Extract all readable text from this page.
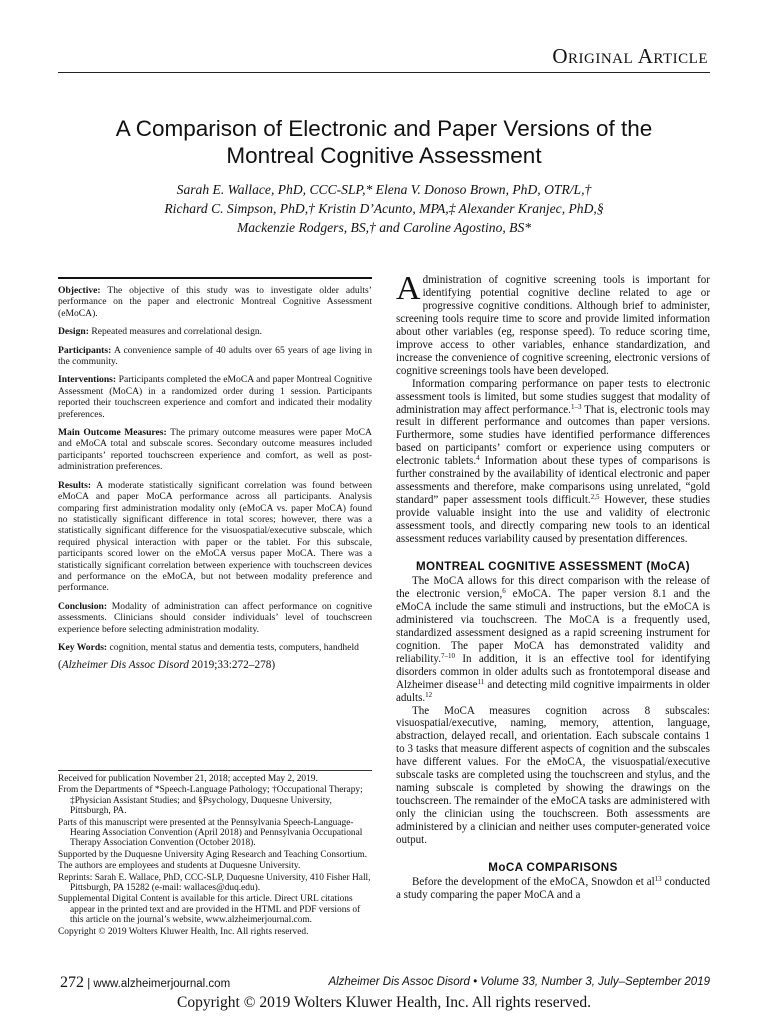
Original Article
A Comparison of Electronic and Paper Versions of the
Montreal Cognitive Assessment
Sarah E. Wallace, PhD, CCC-SLP,* Elena V. Donoso Brown, PhD, OTR/L,†
Richard C. Simpson, PhD,† Kristin D’Acunto, MPA,‡ Alexander Kranjec, PhD,§
Mackenzie Rodgers, BS,† and Caroline Agostino, BS*

Objective: The objective of this study was to investigate older adults’ performance on the paper and electronic Montreal Cognitive Assessment (eMoCA).

Design: Repeated measures and correlational design.

Participants: A convenience sample of 40 adults over 65 years of age living in the community.

Interventions: Participants completed the eMoCA and paper Montreal Cognitive Assessment (MoCA) in a randomized order during 1 session. Participants reported their touchscreen experience and comfort and indicated their modality preferences.

Main Outcome Measures: The primary outcome measures were paper MoCA and eMoCA total and subscale scores. Secondary outcome measures included participants’ reported touchscreen experience and comfort, as well as post-administration preferences.

Results: A moderate statistically significant correlation was found between eMoCA and paper MoCA performance across all participants. Analysis comparing first administration modality only (eMoCA vs. paper MoCA) found no statistically significant difference in total scores; however, there was a statistically significant difference for the visuospatial/executive subscale, which required physical interaction with paper or the tablet. For this subscale, participants scored lower on the eMoCA versus paper MoCA. There was a statistically significant correlation between experience with touchscreen devices and performance on the eMoCA, but not between modality preference and performance.

Conclusion: Modality of administration can affect performance on cognitive assessments. Clinicians should consider individuals’ level of touchscreen experience before selecting administration modality.

Key Words: cognition, mental status and dementia tests, computers, handheld

(Alzheimer Dis Assoc Disord 2019;33:272–278)

Received for publication November 21, 2018; accepted May 2, 2019.

From the Departments of *Speech-Language Pathology; †Occupational Therapy; ‡Physician Assistant Studies; and §Psychology, Duquesne University, Pittsburgh, PA.

Parts of this manuscript were presented at the Pennsylvania Speech-Language-Hearing Association Convention (April 2018) and Pennsylvania Occupational Therapy Association Convention (October 2018).

Supported by the Duquesne University Aging Research and Teaching Consortium.

The authors are employees and students at Duquesne University.

Reprints: Sarah E. Wallace, PhD, CCC-SLP, Duquesne University, 410 Fisher Hall, Pittsburgh, PA 15282 (e-mail: wallaces@duq.edu).

Supplemental Digital Content is available for this article. Direct URL citations appear in the printed text and are provided in the HTML and PDF versions of this article on the journal’s website, www.alzheimerjournal.com.

Copyright © 2019 Wolters Kluwer Health, Inc. All rights reserved.

Administration of cognitive screening tools is important for identifying potential cognitive decline related to age or progressive cognitive conditions. Although brief to administer, screening tools require time to score and provide limited information about other variables (eg, response speed). To reduce scoring time, improve access to other variables, enhance standardization, and increase the convenience of cognitive screening, electronic versions of cognitive screenings tools have been developed.

Information comparing performance on paper tests to electronic assessment tools is limited, but some studies suggest that modality of administration may affect performance.$^{1-3}$ That is, electronic tools may result in different performance and outcomes than paper versions. Furthermore, some studies have identified performance differences based on participants’ comfort or experience using computers or electronic tablets.$^4$ Information about these types of comparisons is further constrained by the availability of identical electronic and paper assessments and therefore, make comparisons using unrelated, “gold standard” paper assessment tools difficult.$^{2,5}$ However, these studies provide valuable insight into the use and validity of electronic assessment tools, and directly comparing new tools to an identical assessment reduces variability caused by presentation differences.

MONTREAL COGNITIVE ASSESSMENT (MoCA)

The MoCA allows for this direct comparison with the release of the electronic version,$^6$ eMoCA. The paper version 8.1 and the eMoCA include the same stimuli and instructions, but the eMoCA is administered via touchscreen. The MoCA is a frequently used, standardized assessment designed as a rapid screening instrument for cognition. The paper MoCA has demonstrated validity and reliability.$^{7-10}$ In addition, it is an effective tool for identifying disorders common in older adults such as frontotemporal disease and Alzheimer disease$^{11}$ and detecting mild cognitive impairments in older adults.$^{12}$

The MoCA measures cognition across 8 subscales: visuospatial/executive, naming, memory, attention, language, abstraction, delayed recall, and orientation. Each subscale contains 1 to 3 tasks that measure different aspects of cognition and the subscales have different values. For the eMoCA, the visuospatial/executive subscale tasks are completed using the touchscreen and stylus, and the naming subscale is completed by showing the drawings on the touchscreen. The remainder of the eMoCA tasks are administered with only the clinician using the touchscreen. Both assessments are administered by a clinician and neither uses computer-generated voice output.

MoCA COMPARISONS

Before the development of the eMoCA, Snowdon et $al^{13}$ conducted a study comparing the paper MoCA and a

272 | www.alzheimerjournal.com	Alzheimer Dis Assoc Disord • Volume 33, Number 3, July–September 2019
Copyright © 2019 Wolters Kluwer Health, Inc. All rights reserved.
